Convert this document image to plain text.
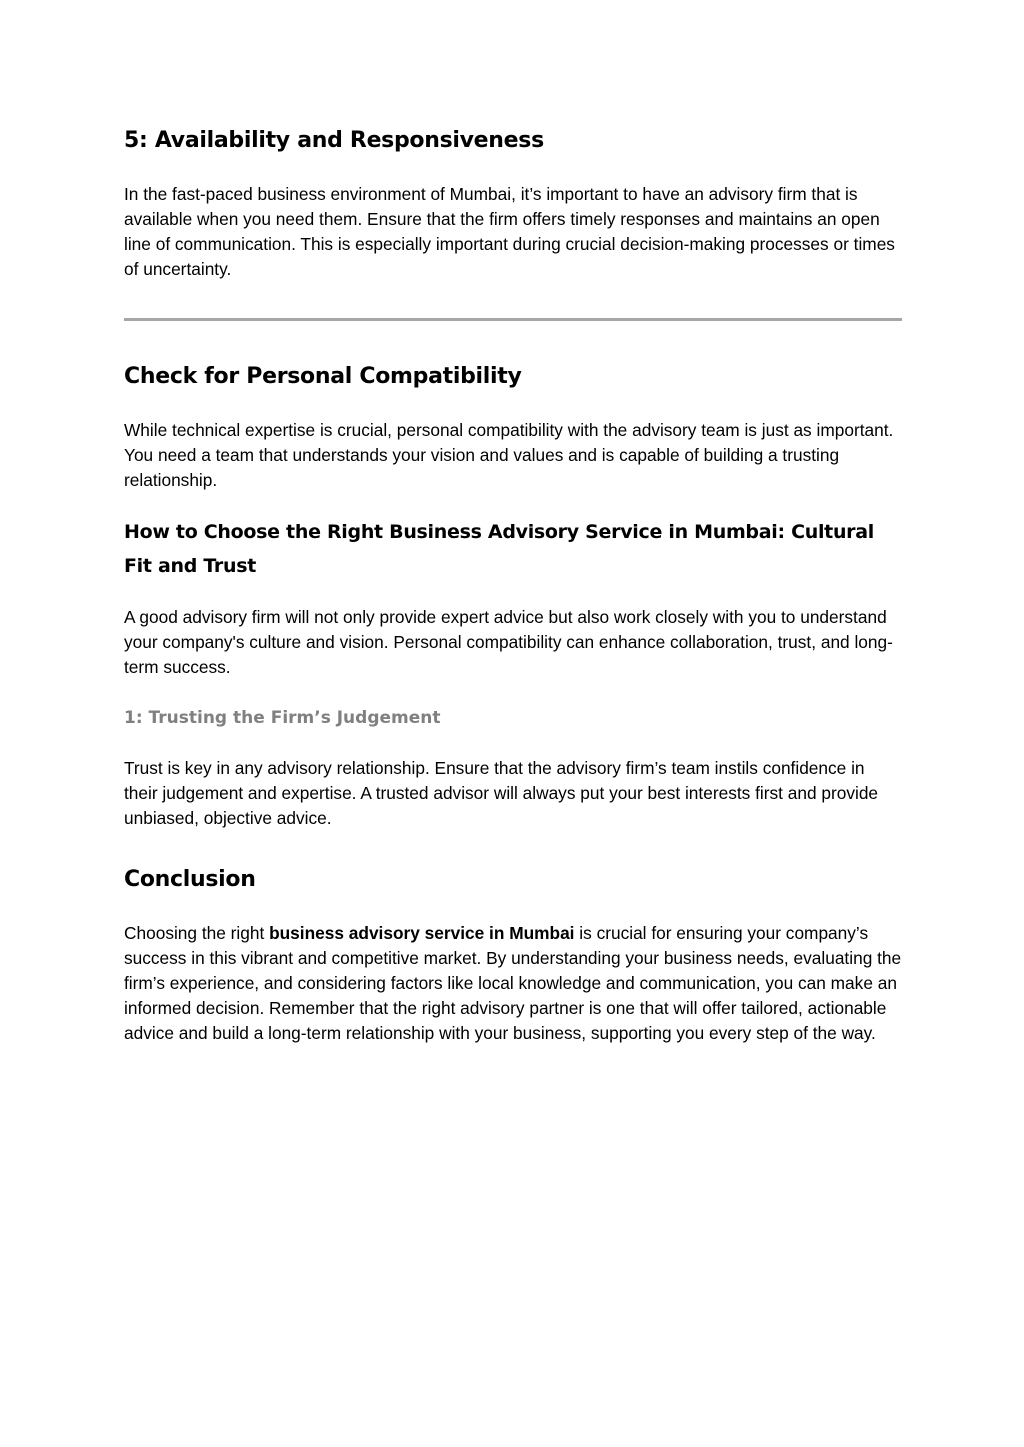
5: Availability and Responsiveness

In the fast-paced business environment of Mumbai, it’s important to have an advisory firm that is available when you need them. Ensure that the firm offers timely responses and maintains an open line of communication. This is especially important during crucial decision-making processes or times of uncertainty.

Check for Personal Compatibility

While technical expertise is crucial, personal compatibility with the advisory team is just as important. You need a team that understands your vision and values and is capable of building a trusting relationship.

How to Choose the Right Business Advisory Service in Mumbai: Cultural Fit and Trust

A good advisory firm will not only provide expert advice but also work closely with you to understand your company's culture and vision. Personal compatibility can enhance collaboration, trust, and long-term success.

1: Trusting the Firm’s Judgement

Trust is key in any advisory relationship. Ensure that the advisory firm’s team instils confidence in their judgement and expertise. A trusted advisor will always put your best interests first and provide unbiased, objective advice.

Conclusion

Choosing the right business advisory service in Mumbai is crucial for ensuring your company’s success in this vibrant and competitive market. By understanding your business needs, evaluating the firm’s experience, and considering factors like local knowledge and communication, you can make an informed decision. Remember that the right advisory partner is one that will offer tailored, actionable advice and build a long-term relationship with your business, supporting you every step of the way.
